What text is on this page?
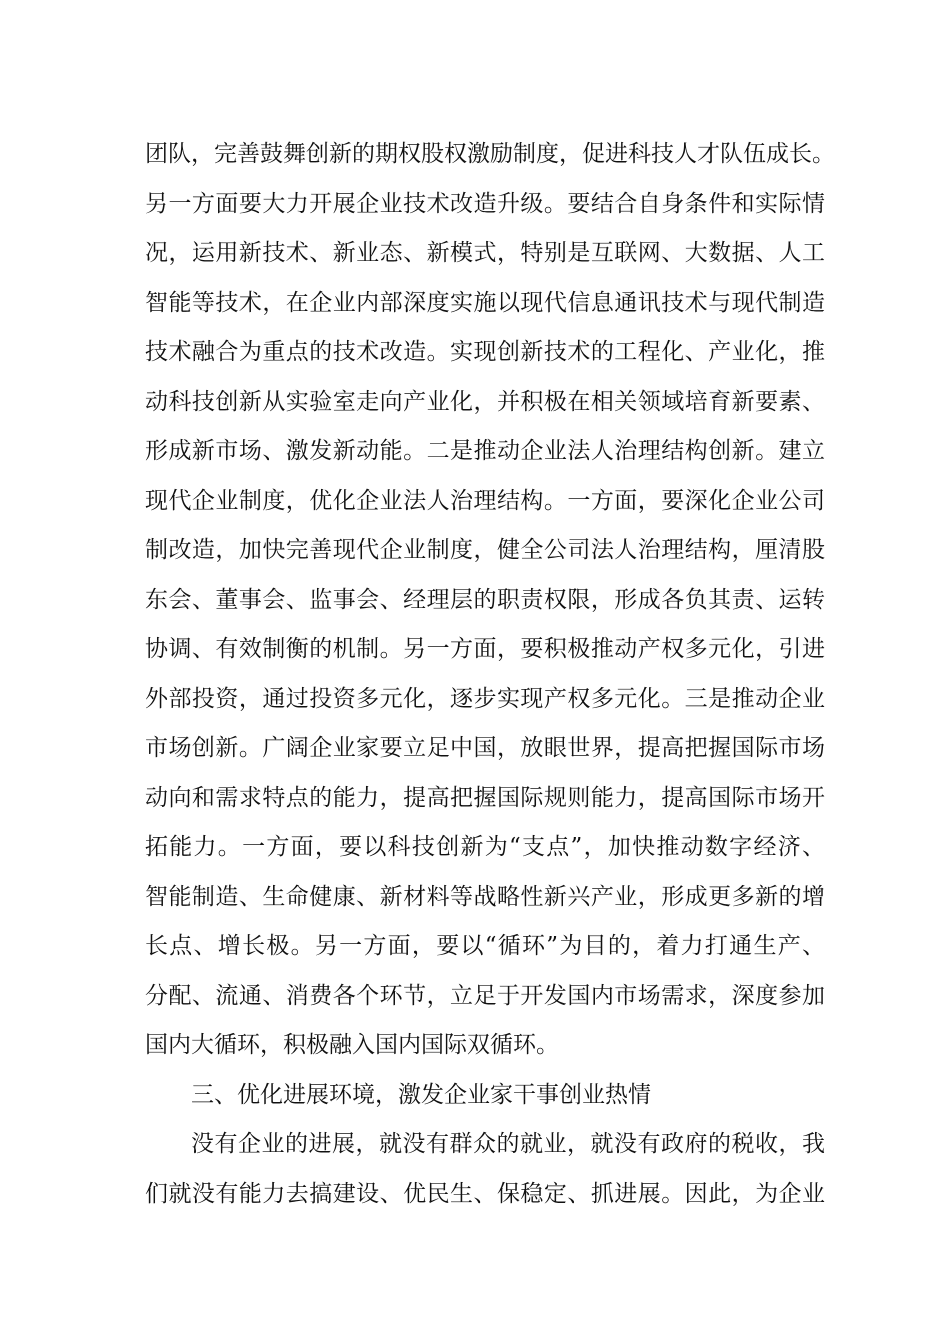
团队，完善鼓舞创新的期权股权激励制度，促进科技人才队伍成长。
另一方面要大力开展企业技术改造升级。要结合自身条件和实际情
况，运用新技术、新业态、新模式，特别是互联网、大数据、人工
智能等技术，在企业内部深度实施以现代信息通讯技术与现代制造
技术融合为重点的技术改造。实现创新技术的工程化、产业化，推
动科技创新从实验室走向产业化，并积极在相关领域培育新要素、
形成新市场、激发新动能。二是推动企业法人治理结构创新。建立
现代企业制度，优化企业法人治理结构。一方面，要深化企业公司
制改造，加快完善现代企业制度，健全公司法人治理结构，厘清股
东会、董事会、监事会、经理层的职责权限，形成各负其责、运转
协调、有效制衡的机制。另一方面，要积极推动产权多元化，引进
外部投资，通过投资多元化，逐步实现产权多元化。三是推动企业
市场创新。广阔企业家要立足中国，放眼世界，提高把握国际市场
动向和需求特点的能力，提高把握国际规则能力，提高国际市场开
拓能力。一方面，要以科技创新为“支点”，加快推动数字经济、
智能制造、生命健康、新材料等战略性新兴产业，形成更多新的增
长点、增长极。另一方面，要以“循环”为目的，着力打通生产、
分配、流通、消费各个环节，立足于开发国内市场需求，深度参加
国内大循环，积极融入国内国际双循环。
三、优化进展环境，激发企业家干事创业热情
没有企业的进展，就没有群众的就业，就没有政府的税收，我
们就没有能力去搞建设、优民生、保稳定、抓进展。因此，为企业
